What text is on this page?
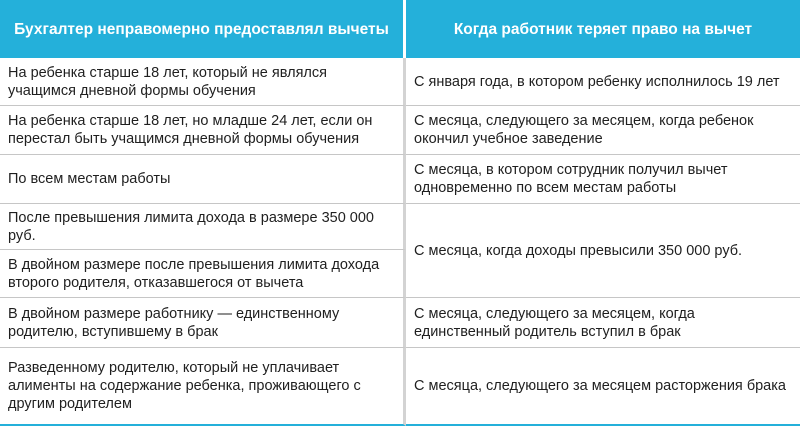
Бухгалтер неправомерно предоставлял вычеты	Когда работник теряет право на вычет
На ребенка старше 18 лет, который не являлся учащимся дневной формы обучения	С января года, в котором ребенку исполнилось 19 лет
На ребенка старше 18 лет, но младше 24 лет, если он перестал быть учащимся дневной формы обучения	С месяца, следующего за месяцем, когда ребенок окончил учебное заведение
По всем местам работы	С месяца, в котором сотрудник получил вычет одновременно по всем местам работы
После превышения лимита дохода в размере 350 000 руб.	С месяца, когда доходы превысили 350 000 руб.
В двойном размере после превышения лимита дохода второго родителя, отказавшегося от вычета	
В двойном размере работнику — единственному родителю, вступившему в брак	С месяца, следующего за месяцем, когда единственный родитель вступил в брак
Разведенному родителю, который не уплачивает алименты на содержание ребенка, проживающего с другим родителем	С месяца, следующего за месяцем расторжения брака
